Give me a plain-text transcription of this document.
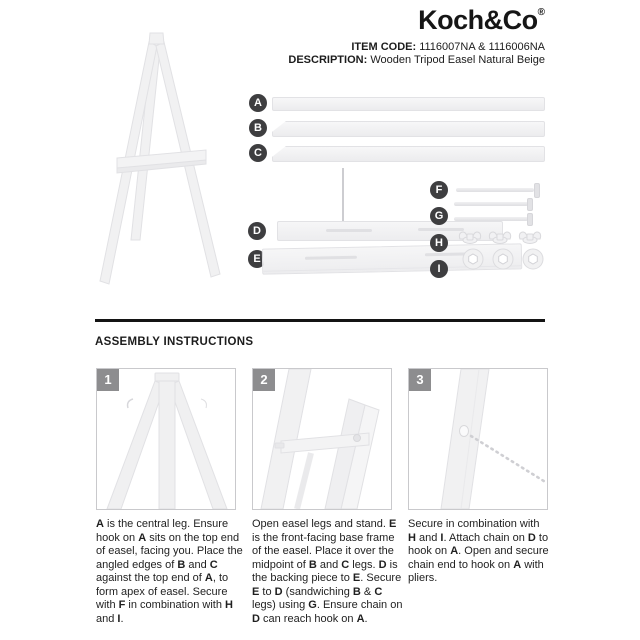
Koch&Co®
ITEM CODE: 1116007NA & 1116006NA
DESCRIPTION: Wooden Tripod Easel Natural Beige
A
B
C
D
E
F
G
H
I
ASSEMBLY INSTRUCTIONS
1	2	3
A is the central leg. Ensure hook on A sits on the top end of easel, facing you. Place the angled edges of B and C against the top end of A, to form apex of easel. Secure with F in combination with H and I.
Open easel legs and stand. E is the front-facing base frame of the easel. Place it over the midpoint of B and C legs. D is the backing piece to E. Secure E to D (sandwiching B & C legs) using G. Ensure chain on D can reach hook on A.
Secure in combination with H and I. Attach chain on D to hook on A. Open and secure chain end to hook on A with pliers.
